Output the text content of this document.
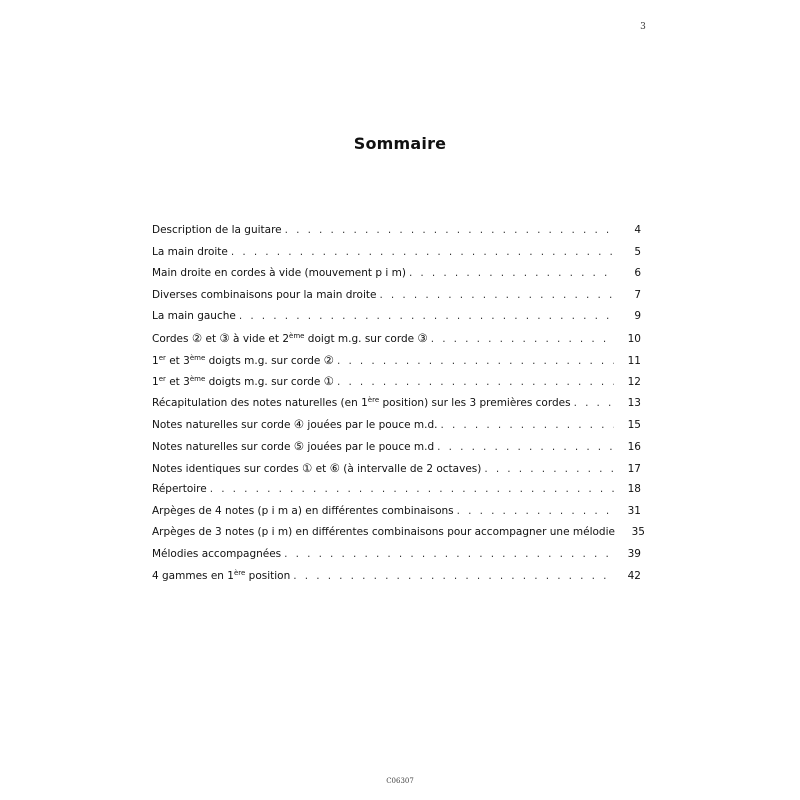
3
Sommaire
Description de la guitare . . .	4
La main droite . . .	5
Main droite en cordes à vide (mouvement p i m) . . .	6
Diverses combinaisons pour la main droite . . .	7
La main gauche . . .	9
Cordes ② et ③ à vide et 2ème doigt m.g. sur corde ③ . . .	10
1er et 3ème doigts m.g. sur corde ② . . .	11
1er et 3ème doigts m.g. sur corde ① . . .	12
Récapitulation des notes naturelles (en 1ère position) sur les 3 premières cordes . . .	13
Notes naturelles sur corde ④ jouées par le pouce m.d. . . .	15
Notes naturelles sur corde ⑤ jouées par le pouce m.d . . .	16
Notes identiques sur cordes ① et ⑥ (à intervalle de 2 octaves) . . .	17
Répertoire . . .	18
Arpèges de 4 notes (p i m a) en différentes combinaisons . . .	31
Arpèges de 3 notes (p i m) en différentes combinaisons pour accompagner une mélodie	35
Mélodies accompagnées . . .	39
4 gammes en 1ère position . . .	42
C06307
